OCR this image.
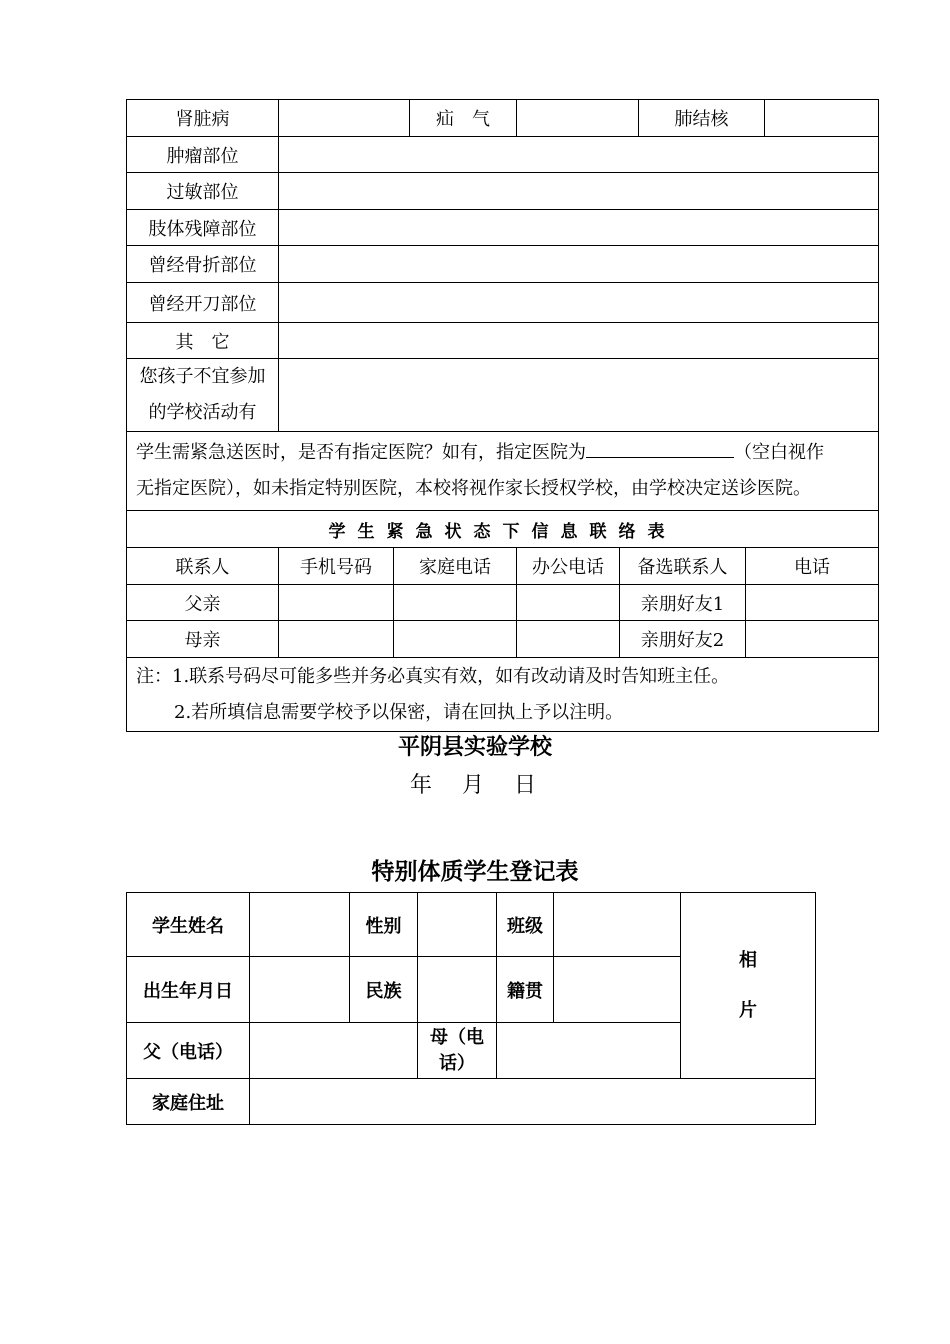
肾脏病			疝　气			肺结核		
肿瘤部位								
过敏部位								
肢体残障部位								
曾经骨折部位								
曾经开刀部位								
其　它								
您孩子不宜参加
的学校活动有								
学生需紧急送医时，是否有指定医院？如有，指定医院为 （空白视作
无指定医院），如未指定特别医院，本校将视作家长授权学校，由学校决定送诊医院。								
学生紧急状态下信息联络表								
联系人	手机号码	家庭电话		办公电话	备选联系人		电话	
父亲					亲朋好友1			
母亲					亲朋好友2			
注：1.联系号码尽可能多些并务必真实有效，如有改动请及时告知班主任。
2.若所填信息需要学校予以保密，请在回执上予以注明。								
平阴县实验学校
年　月　日
特别体质学生登记表
学生姓名		性别		班级		相
片
出生年月日		民族		籍贯		
父（电话）			母（电
话）			
家庭住址						
